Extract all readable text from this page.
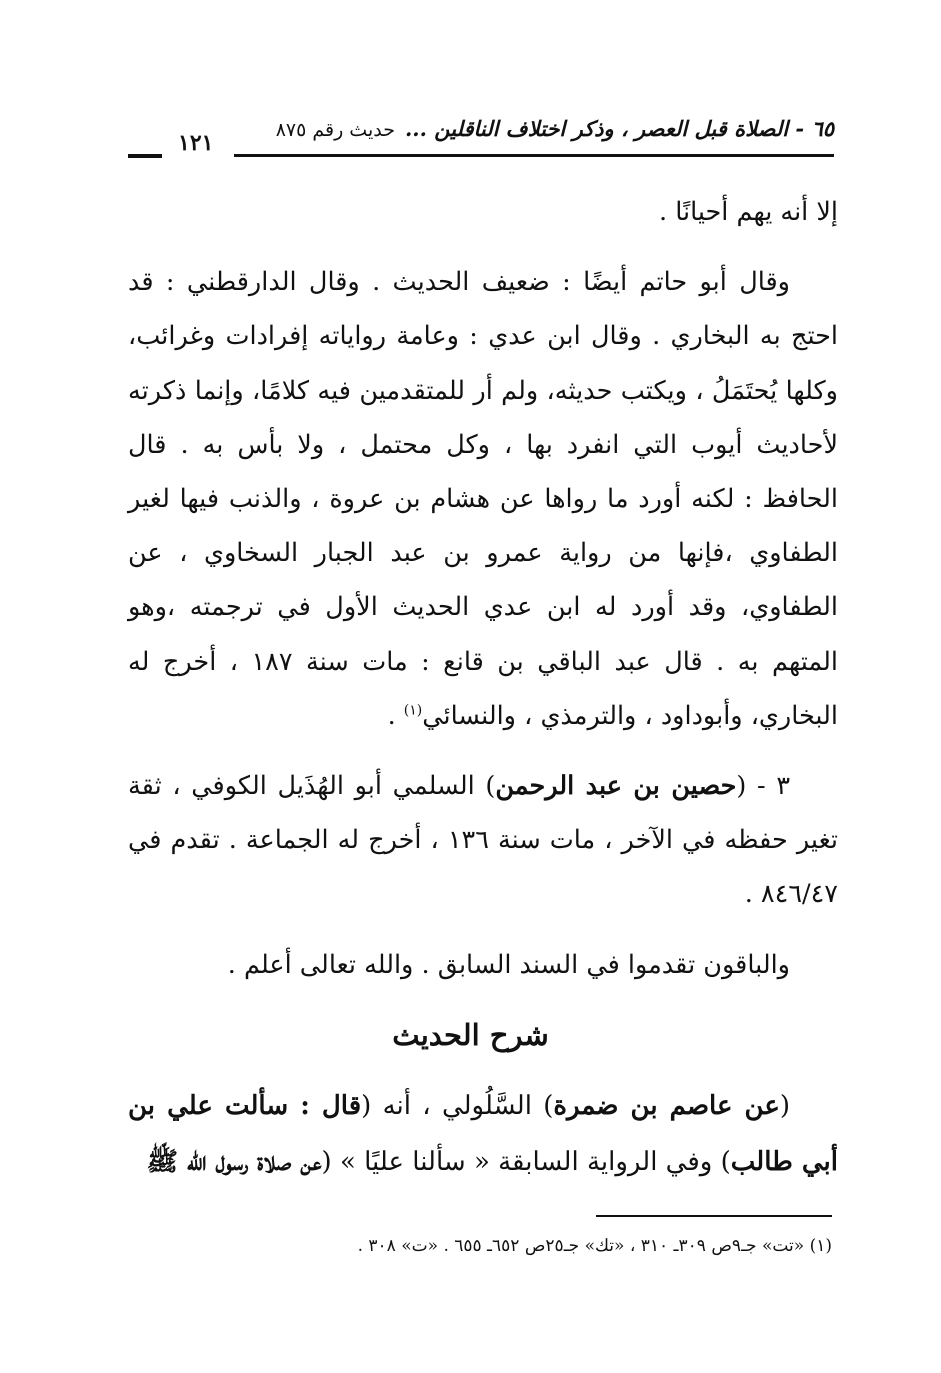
٦٥ - الصلاة قبل العصر ، وذكر اختلاف الناقلين ...حديث رقم ٨٧٥
١٢١

إلا أنه يهم أحيانًا .

وقال أبو حاتم أيضًا : ضعيف الحديث . وقال الدارقطني : قد احتج به البخاري . وقال ابن عدي : وعامة رواياته إفرادات وغرائب، وكلها يُحتَمَلُ ، ويكتب حديثه، ولم أر للمتقدمين فيه كلامًا، وإنما ذكرته لأحاديث أيوب التي انفرد بها ، وكل محتمل ، ولا بأس به . قال الحافظ : لكنه أورد ما رواها عن هشام بن عروة ، والذنب فيها لغير الطفاوي ،فإنها من رواية عمرو بن عبد الجبار السخاوي ، عن الطفاوي، وقد أورد له ابن عدي الحديث الأول في ترجمته ،وهو المتهم به . قال عبد الباقي بن قانع : مات سنة ١٨٧ ، أخرج له البخاري، وأبوداود ، والترمذي ، والنسائي$^{(١)}$ .

٣ - (حصين بن عبد الرحمن) السلمي أبو الهُذَيل الكوفي ، ثقة تغير حفظه في الآخر ، مات سنة ١٣٦ ، أخرج له الجماعة . تقدم في ٨٤٦/٤٧ .

والباقون تقدموا في السند السابق . والله تعالى أعلم .

شرح الحديث

(عن عاصم بن ضمرة) السَّلُولي ، أنه (قال : سألت علي بن أبي طالب) وفي الرواية السابقة « سألنا عليًا » (عن صلاة رسول الله ﷺ

(١) «تت» جـ٩ص ٣٠٩ـ ٣١٠ ، «تك» جـ٢٥ص ٦٥٢ـ ٦٥٥ . «ت» ٣٠٨ .
